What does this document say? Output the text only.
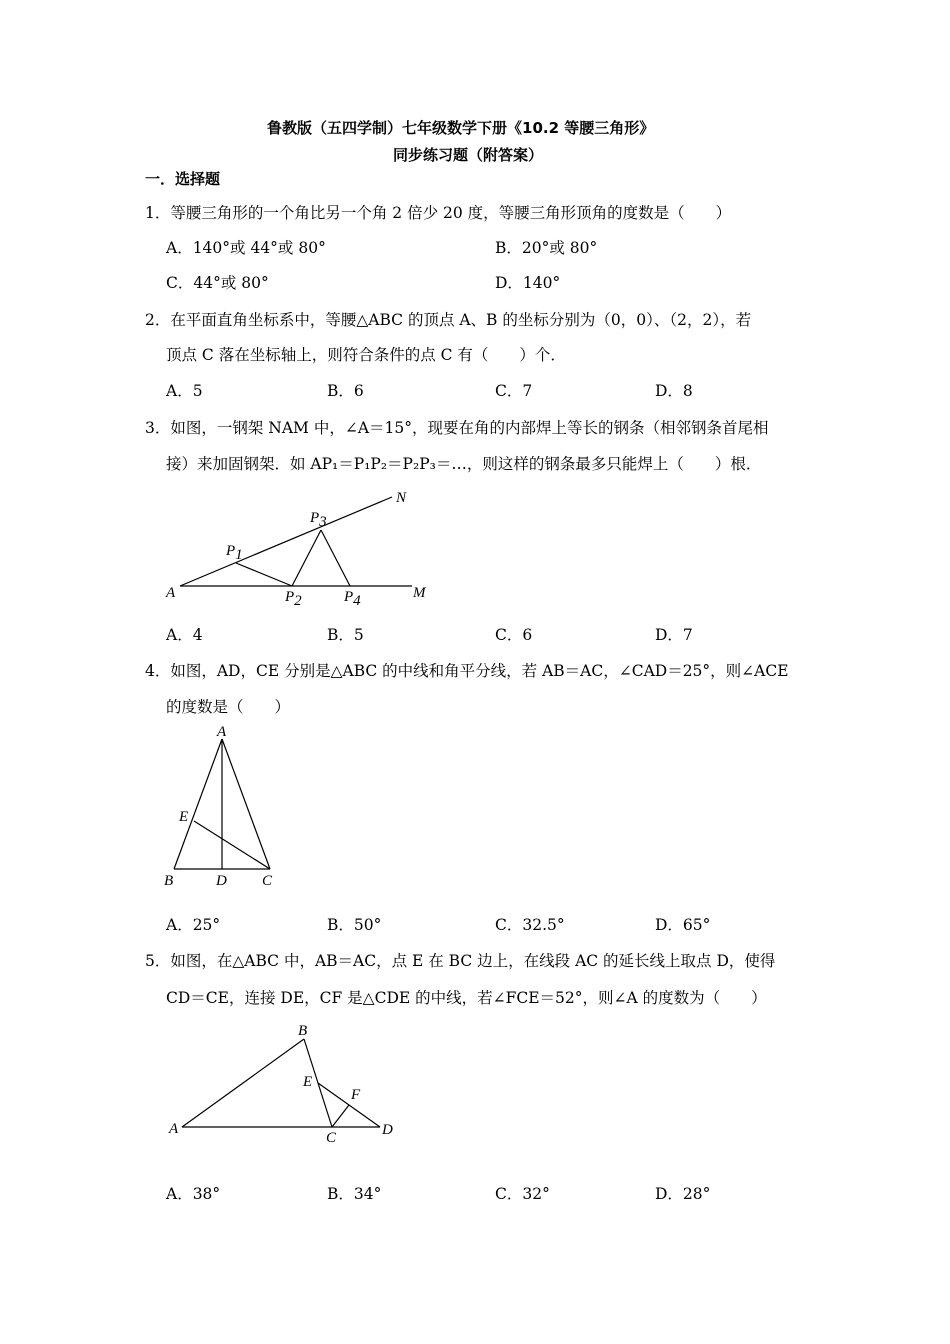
鲁教版（五四学制）七年级数学下册《10.2 等腰三角形》
同步练习题（附答案）
一．选择题
1．等腰三角形的一个角比另一个角 2 倍少 20 度，等腰三角形顶角的度数是（　　）
A．140°或 44°或 80°	B．20°或 80°
C．44°或 80°	D．140°
2．在平面直角坐标系中，等腰△ABC 的顶点 A、B 的坐标分别为（0，0）、（2，2），若
顶点 C 落在坐标轴上，则符合条件的点 C 有（　　）个．
A．5	B．6	C．7	D．8
3．如图，一钢架 NAM 中，∠A＝15°，现要在角的内部焊上等长的钢条（相邻钢条首尾相
接）来加固钢架．如 AP₁＝P₁P₂＝P₂P₃＝…，则这样的钢条最多只能焊上（　　）根．
N
M
A
P1
P2
P3
P4
A．4	B．5	C．6	D．7
4．如图，AD，CE 分别是△ABC 的中线和角平分线，若 AB＝AC，∠CAD＝25°，则∠ACE
的度数是（　　）
A
E
B	D C
A．25°	B．50°	C．32.5°	D．65°
5．如图，在△ABC 中，AB＝AC，点 E 在 BC 边上，在线段 AC 的延长线上取点 D，使得
CD＝CE，连接 DE，CF 是△CDE 的中线，若∠FCE＝52°，则∠A 的度数为（　　）
B
E
F
A
C	D
A．38°	B．34°	C．32°	D．28°
